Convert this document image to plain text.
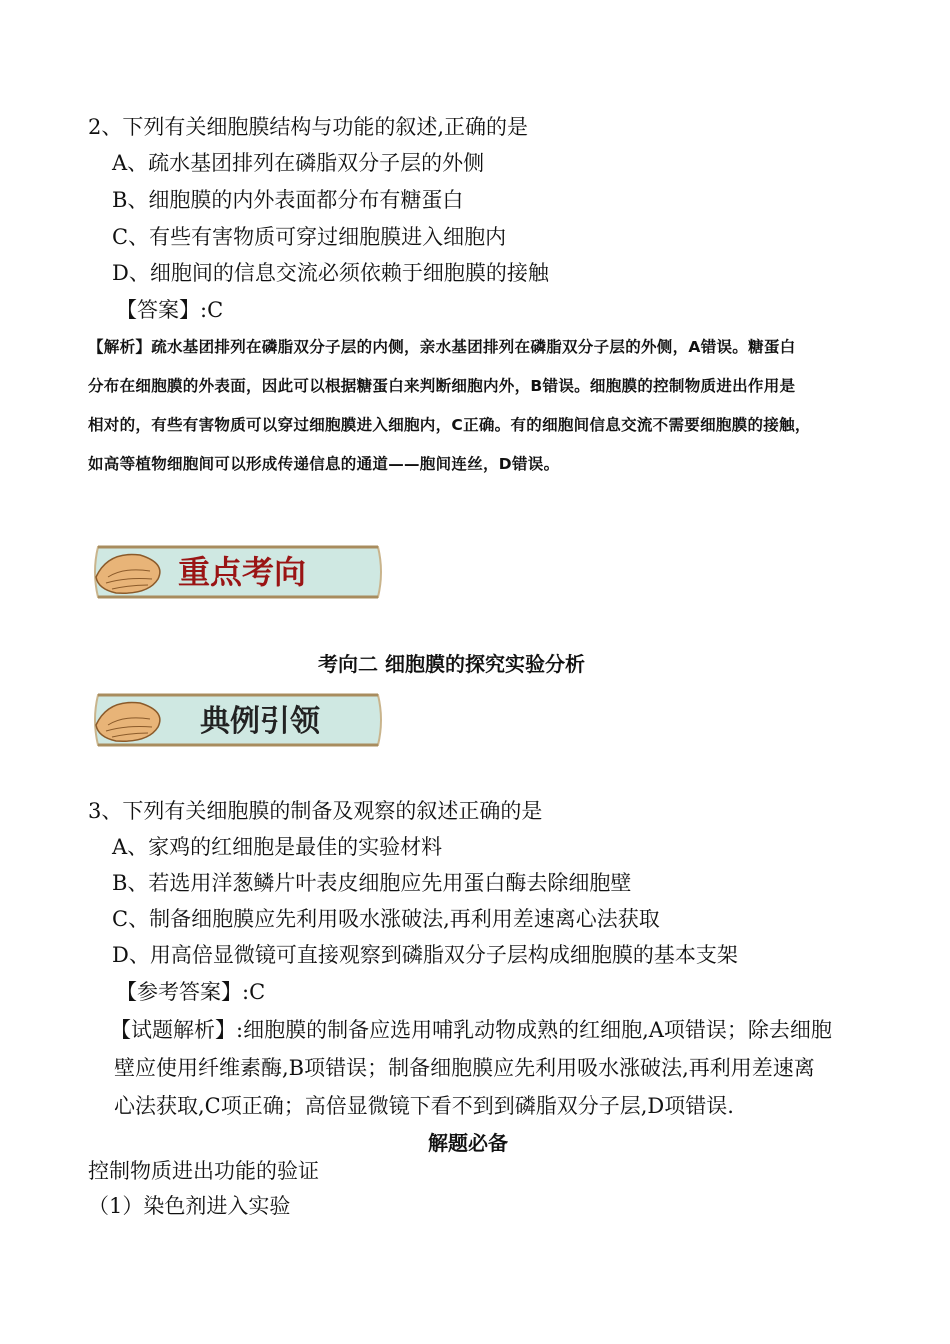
2、下列有关细胞膜结构与功能的叙述,正确的是
A、疏水基团排列在磷脂双分子层的外侧
B、细胞膜的内外表面都分布有糖蛋白
C、有些有害物质可穿过细胞膜进入细胞内
D、细胞间的信息交流必须依赖于细胞膜的接触
【答案】:C
【解析】疏水基团排列在磷脂双分子层的内侧，亲水基团排列在磷脂双分子层的外侧，A错误。糖蛋白
分布在细胞膜的外表面，因此可以根据糖蛋白来判断细胞内外，B错误。细胞膜的控制物质进出作用是
相对的，有些有害物质可以穿过细胞膜进入细胞内，C正确。有的细胞间信息交流不需要细胞膜的接触，
如高等植物细胞间可以形成传递信息的通道——胞间连丝，D错误。
重点考向
考向二 细胞膜的探究实验分析
典例引领
3、下列有关细胞膜的制备及观察的叙述正确的是
A、家鸡的红细胞是最佳的实验材料
B、若选用洋葱鳞片叶表皮细胞应先用蛋白酶去除细胞壁
C、制备细胞膜应先利用吸水涨破法,再利用差速离心法获取
D、用高倍显微镜可直接观察到磷脂双分子层构成细胞膜的基本支架
【参考答案】:C
【试题解析】:细胞膜的制备应选用哺乳动物成熟的红细胞,A项错误；除去细胞
壁应使用纤维素酶,B项错误；制备细胞膜应先利用吸水涨破法,再利用差速离
心法获取,C项正确；高倍显微镜下看不到到磷脂双分子层,D项错误.
解题必备
控制物质进出功能的验证
（1）染色剂进入实验
